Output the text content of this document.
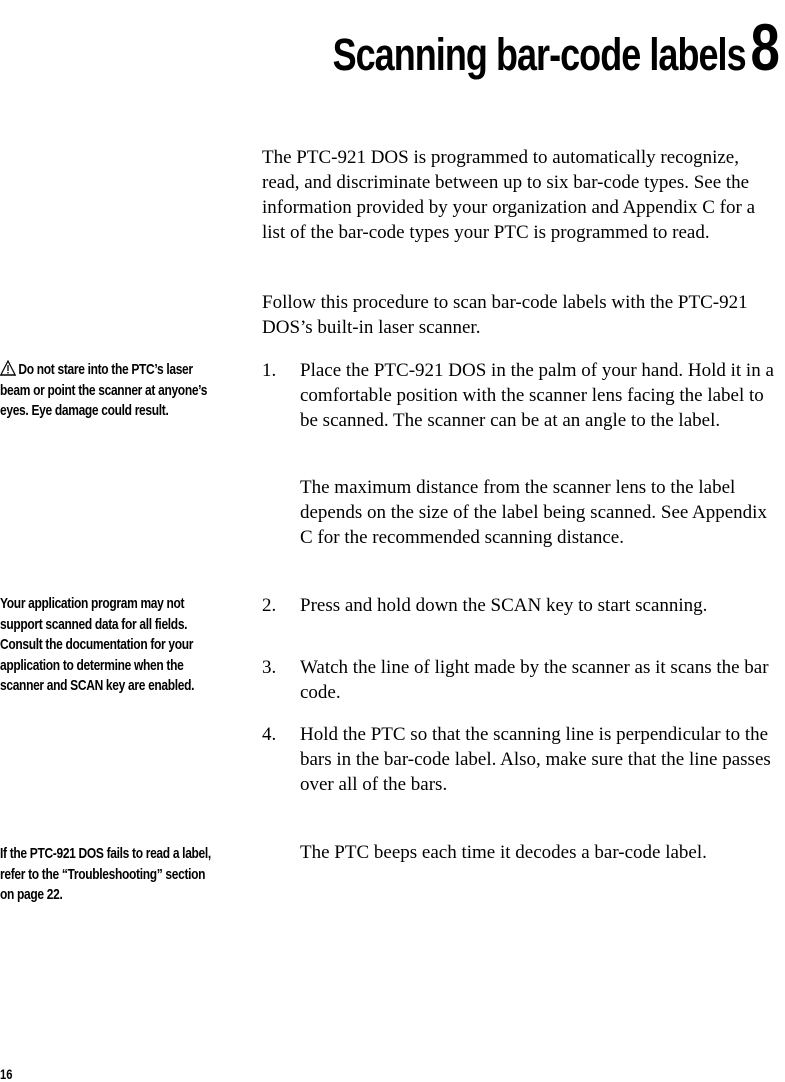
Scanning bar-code labels8

The PTC-921 DOS is programmed to automatically recognize, read, and discriminate between up to six bar-code types. See the information provided by your organization and Appendix C for a list of the bar-code types your PTC is programmed to read.

Follow this procedure to scan bar-code labels with the PTC-921 DOS’s built-in laser scanner.

Do not stare into the PTC’s laser beam or point the scanner at anyone’s eyes. Eye damage could result.

1. Place the PTC-921 DOS in the palm of your hand. Hold it in a comfortable position with the scanner lens facing the label to be scanned. The scanner can be at an angle to the label.

The maximum distance from the scanner lens to the label depends on the size of the label being scanned. See Appendix C for the recommended scanning distance.

Your application program may not support scanned data for all fields. Consult the documentation for your application to determine when the scanner and SCAN key are enabled.

2. Press and hold down the SCAN key to start scanning.

3. Watch the line of light made by the scanner as it scans the bar code.

4. Hold the PTC so that the scanning line is perpendicular to the bars in the bar-code label. Also, make sure that the line passes over all of the bars.

If the PTC-921 DOS fails to read a label, refer to the “Troubleshooting” section on page 22.

The PTC beeps each time it decodes a bar-code label.

16
